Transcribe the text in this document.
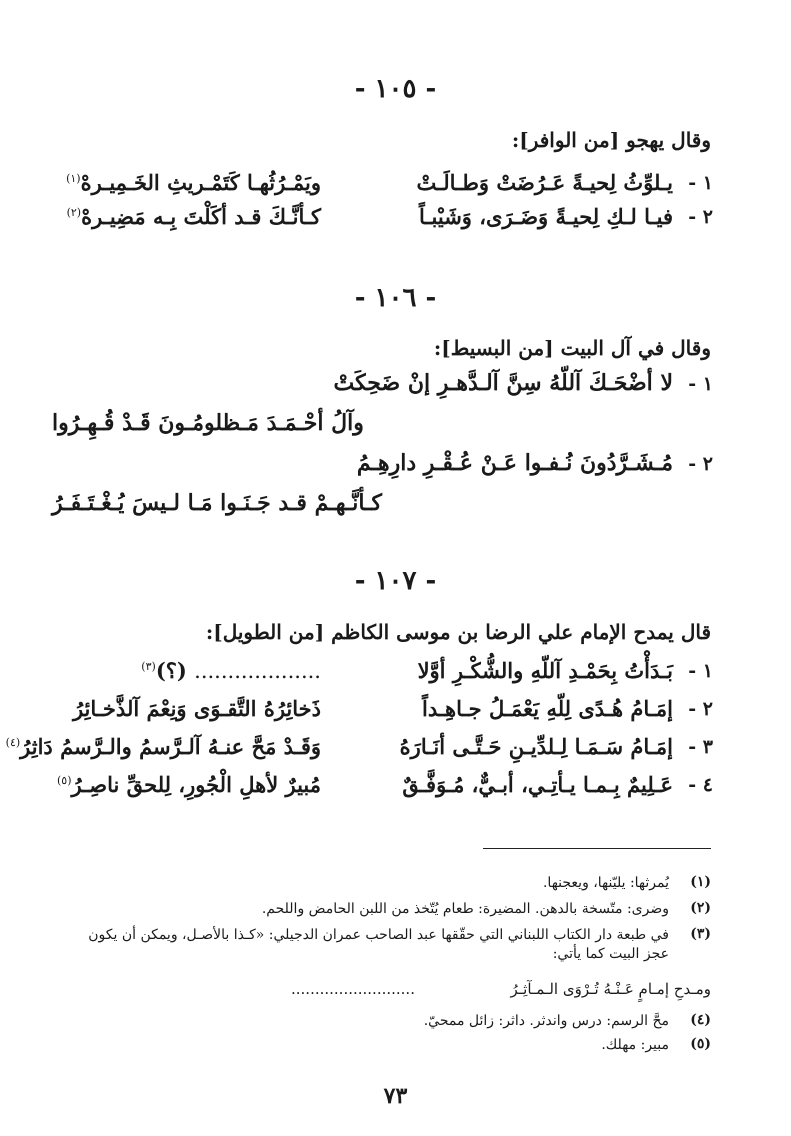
- ١٠٥ -
وقال يهجو [من الوافر]:
١ -
يـلوِّثُ لِحيـةً عَـرُضَتْ وَطـالَـتْ
ويَمْـرُثُهـا كَتَمْـريثِ الخَـمِيـرهْ$^{(١)}$
٢ -
فيـا لـكِ لِحيـةً وَضَـرَى، وَشَيْبـاً
كـأنَّـكَ قـد أكَلْتَ بِـه مَضِيـرهْ$^{(٢)}$
- ١٠٦ -
وقال في آل البيت [من البسيط]:
١ -لا أضْحَـكَ آللّهُ سِنَّ آلـدَّهـرِ إنْ ضَحِكَتْ
وآلُ أحْـمَـدَ مَـظلومُـونَ قَـدْ قُـهِـرُوا
٢ -مُـشَـرَّدُونَ نُـفـوا عَـنْ عُـقْـرِ دارِهِـمُ
كـأنَّـهـمْ قـد جَـنَـوا مَـا لـيسَ يُـغْـتَـفَـرُ
- ١٠٧ -
قال يمدح الإمام علي الرضا بن موسى الكاظم [من الطويل]:
١ -
بَـدَأْتُ بِحَمْـدِ آللّهِ والشُّكْـرِ أوَّلا
................... (؟)$^{(٣)}$
٢ -
إمَـامُ هُـدًى لِلّهِ يَعْمَـلُ جـاهِـداً
ذَخائِرُهُ التَّقـوَى وَنِعْمَ آلذَّخـائِرُ
٣ -
إمَـامُ سَـمَـا لِـلدِّيـنِ حَـتَّـى أنَـارَهُ
وَقَـدْ مَحَّ عنـهُ آلـرَّسمُ والـرَّسمُ دَاثِرُ$^{(٤)}$
٤ -
عَـلِيمٌ بِـمـا يـأتِـي، أبـيٌّ، مُـوَفَّـقٌ
مُبيرٌ لأهلِ الْجُورِ، لِلحقِّ ناصِـرُ$^{(٥)}$
(١)
يُمرثها: يليّنها، ويعجنها.
(٢)
وضرى: متّسخة بالدهن. المضيرة: طعام يُتّخذ من اللبن الحامض واللحم.
(٣)
في طبعة دار الكتاب اللبناني التي حقّقها عبد الصاحب عمران الدجيلي: «كـذا بالأصـل، ويمكن أن يكون عجز البيت كما يأتي:
ومـدحِ إمـامٍ عَـنْـهُ تُـرْوَى الـمـآثِـرُ
..........................
(٤)
محَّ الرسم: درس واندثر. داثر: زائل ممحيّ.
(٥)
مبير: مهلك.
٧٣
